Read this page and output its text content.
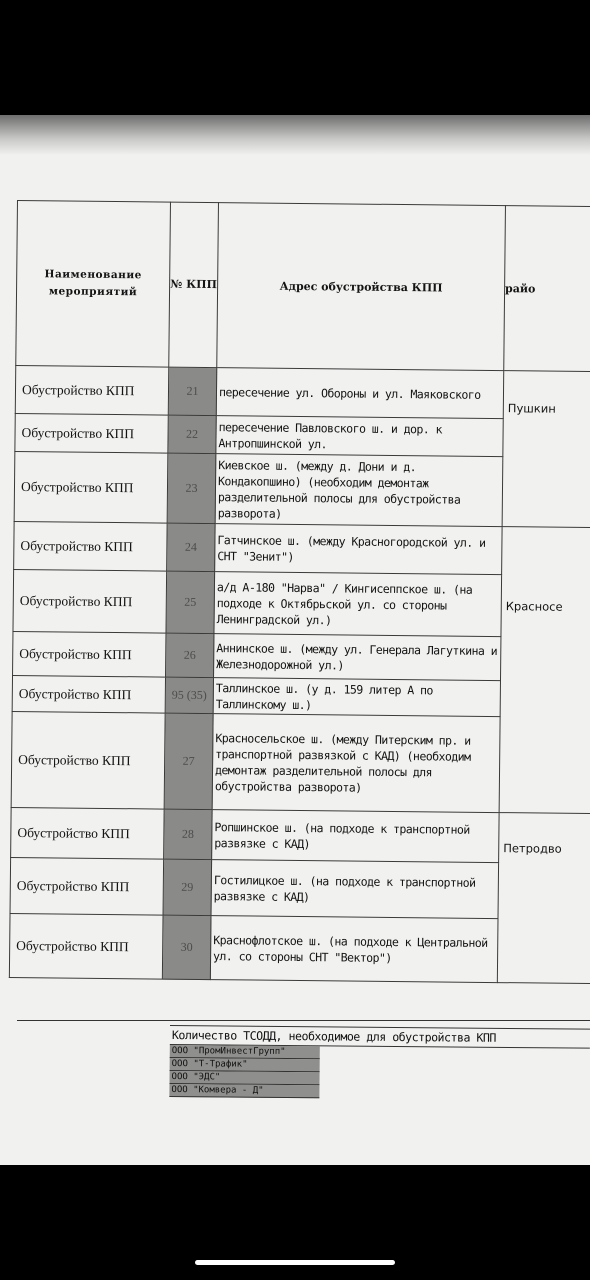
Наименование мероприятий	№ КПП	Адрес обустройства КПП	райо
Обустройство КПП	21	пересечение ул. Обороны и ул. Маяковского	Пушкин
Обустройство КПП	22	пересечение Павловского ш. и дор. к Антропшинской ул.	
Обустройство КПП	23	Киевское ш. (между д. Дони и д. Кондакопшино) (необходим демонтаж разделительной полосы для обустройства разворота)	
Обустройство КПП	24	Гатчинское ш. (между Красногородской ул. и СНТ "Зенит")	Красносе
Обустройство КПП	25	а/д А-180 "Нарва" / Кингисеппское ш. (на подходе к Октябрьской ул. со стороны Ленинградской ул.)	
Обустройство КПП	26	Аннинское ш. (между ул. Генерала Лагуткина и Железнодорожной ул.)	
Обустройство КПП	95 (35)	Таллинское ш. (у д. 159 литер А по Таллинскому ш.)	
Обустройство КПП	27	Красносельское ш. (между Питерским пр. и транспортной развязкой с КАД) (необходим демонтаж разделительной полосы для обустройства разворота)	
Обустройство КПП	28	Ропшинское ш. (на подходе к транспортной развязке с КАД)	Петродво
Обустройство КПП	29	Гостилицкое ш. (на подходе к транспортной развязке с КАД)	
Обустройство КПП	30	Краснофлотское ш. (на подходе к Центральной ул. со стороны СНТ "Вектор")	
Количество ТСОДД, необходимое для обустройства КПП
ООО "ПромИнвестГрупп"
ООО "Т-Трафик"
ООО "ЭДС"
ООО "Комвера - Д"
